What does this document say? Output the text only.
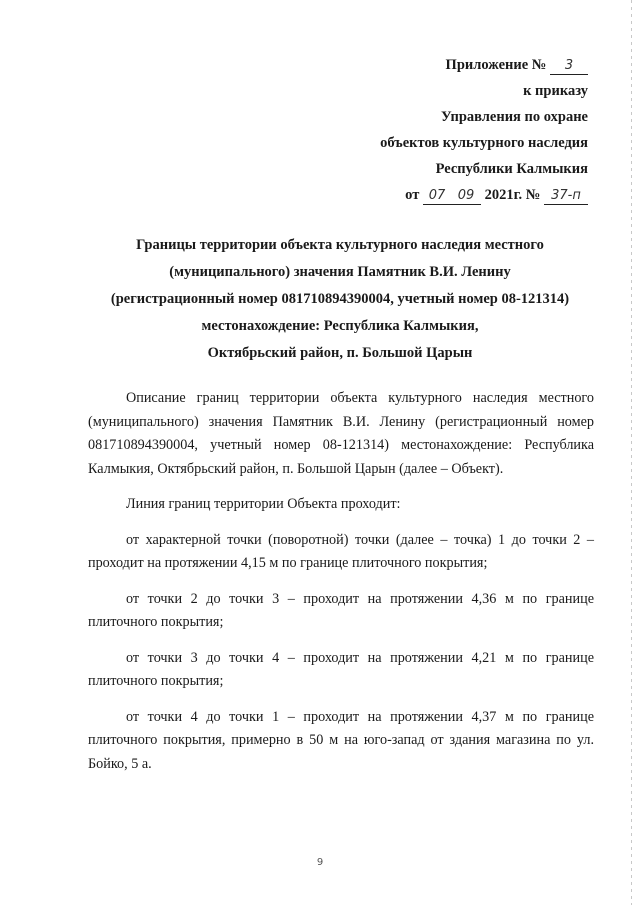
Приложение № 3
к приказу
Управления по охране
объектов культурного наследия
Республики Калмыкия
от 07 09 2021г. № 37-п
Границы территории объекта культурного наследия местного
(муниципального) значения Памятник В.И. Ленину
(регистрационный номер 081710894390004, учетный номер 08-121314)
местонахождение: Республика Калмыкия,
Октябрьский район, п. Большой Царын

Описание границ территории объекта культурного наследия местного (муниципального) значения Памятник В.И. Ленину (регистрационный номер 081710894390004, учетный номер 08-121314) местонахождение: Республика Калмыкия, Октябрьский район, п. Большой Царын (далее – Объект).

Линия границ территории Объекта проходит:

от характерной точки (поворотной) точки (далее – точка) 1 до точки 2 – проходит на протяжении 4,15 м по границе плиточного покрытия;

от точки 2 до точки 3 – проходит на протяжении 4,36 м по границе плиточного покрытия;

от точки 3 до точки 4 – проходит на протяжении 4,21 м по границе плиточного покрытия;

от точки 4 до точки 1 – проходит на протяжении 4,37 м по границе плиточного покрытия, примерно в 50 м на юго-запад от здания магазина по ул. Бойко, 5 а.

9
